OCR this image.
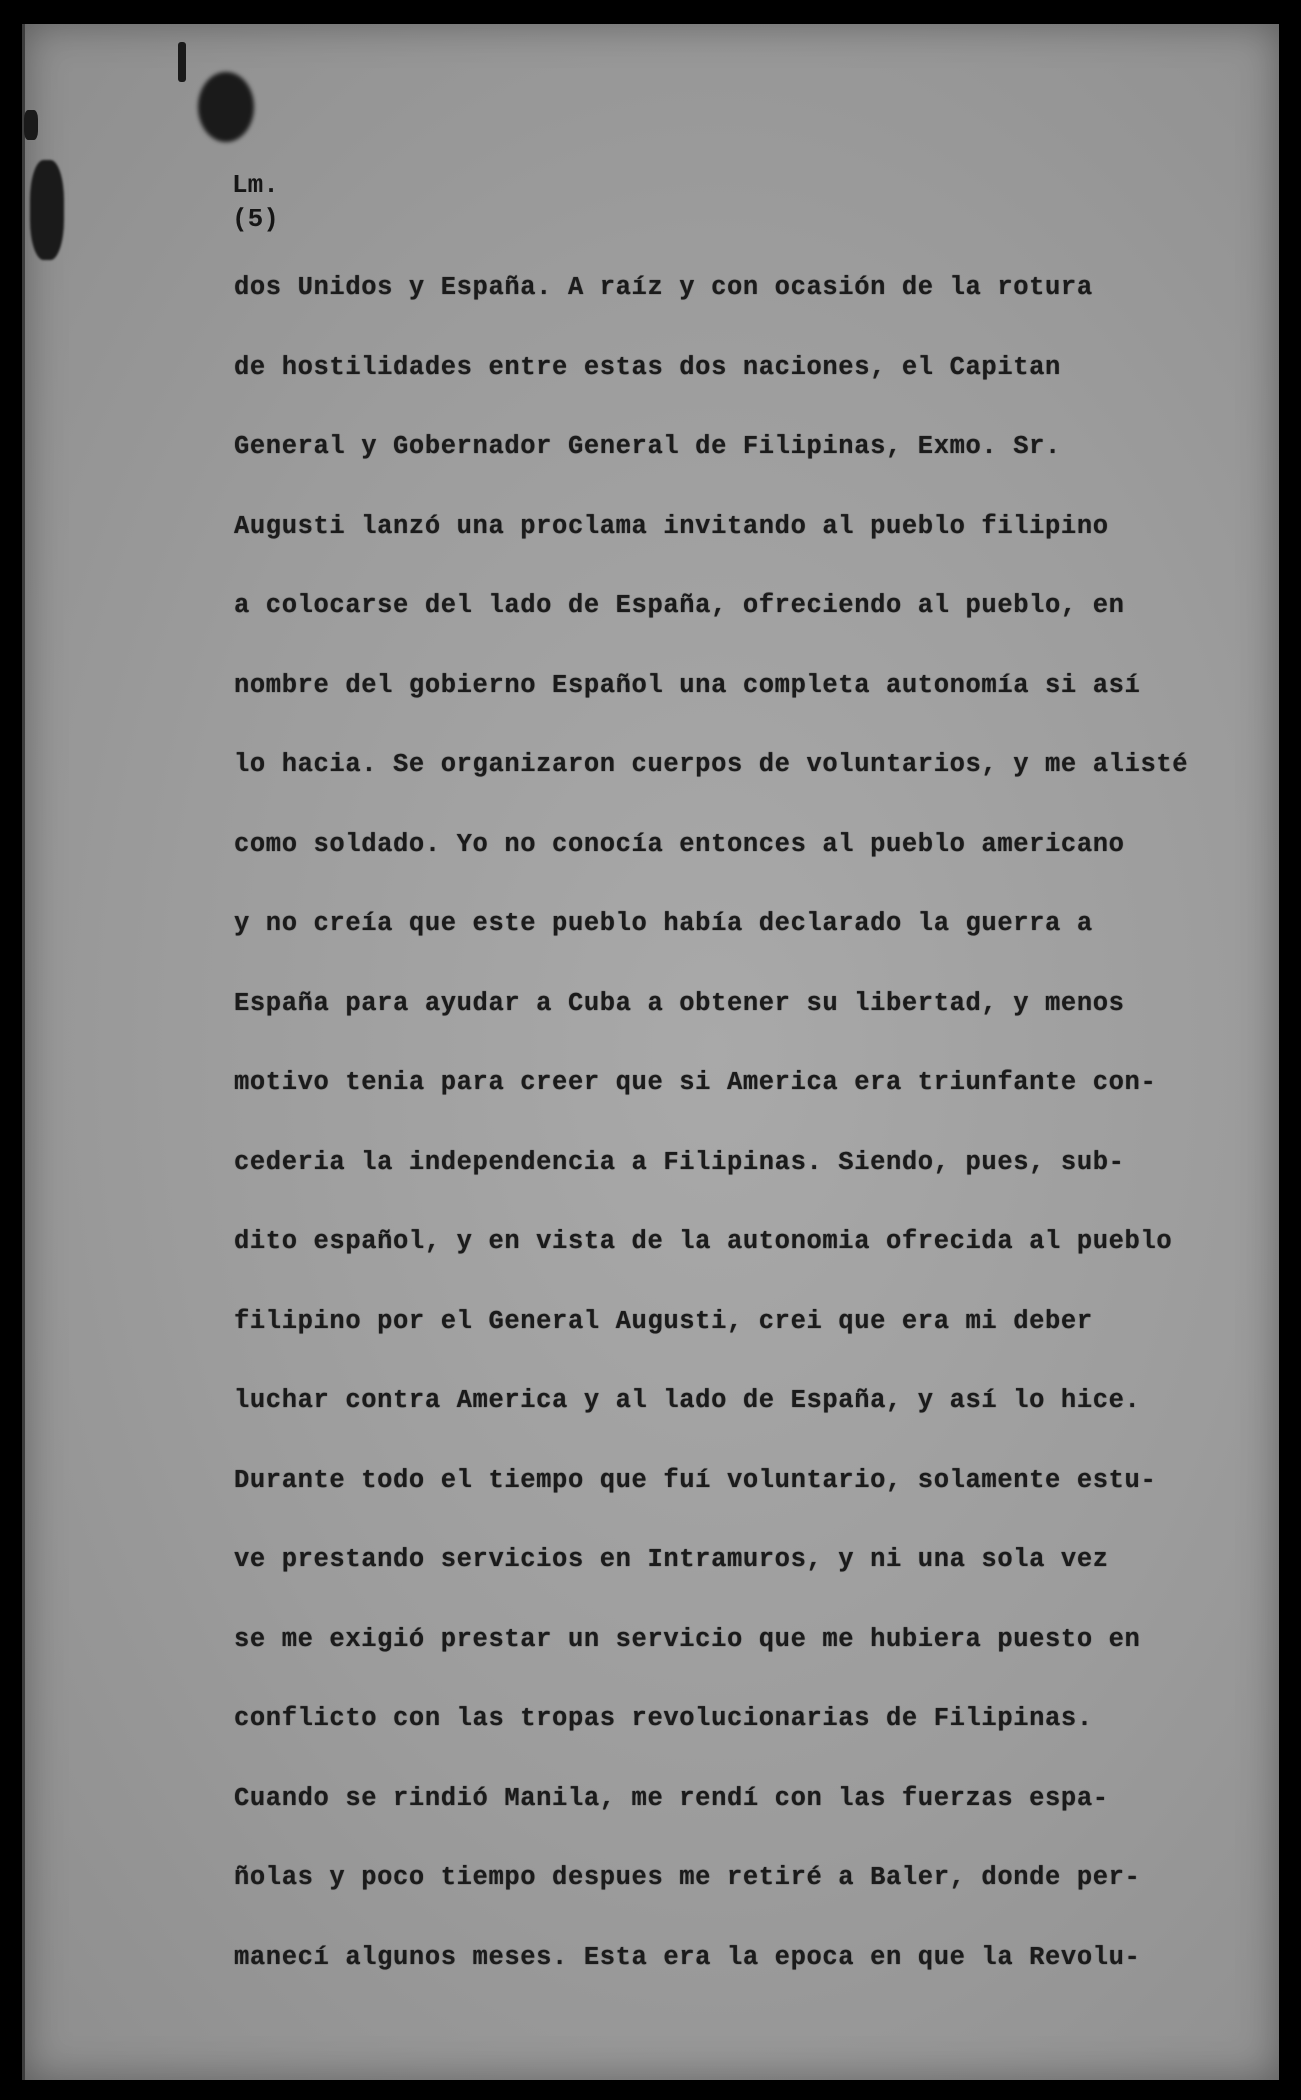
Lm.
(5)
dos Unidos y España. A raíz y con ocasión de la rotura
de hostilidades entre estas dos naciones, el Capitan
General y Gobernador General de Filipinas, Exmo. Sr.
Augusti lanzó una proclama invitando al pueblo filipino
a colocarse del lado de España, ofreciendo al pueblo, en
nombre del gobierno Español una completa autonomía si así
lo hacia. Se organizaron cuerpos de voluntarios, y me alisté
como soldado. Yo no conocía entonces al pueblo americano
y no creía que este pueblo había declarado la guerra a
España para ayudar a Cuba a obtener su libertad, y menos
motivo tenia para creer que si America era triunfante con-
cederia la independencia a Filipinas. Siendo, pues, sub-
dito español, y en vista de la autonomia ofrecida al pueblo
filipino por el General Augusti, crei que era mi deber
luchar contra America y al lado de España, y así lo hice.
Durante todo el tiempo que fuí voluntario, solamente estu-
ve prestando servicios en Intramuros, y ni una sola vez
se me exigió prestar un servicio que me hubiera puesto en
conflicto con las tropas revolucionarias de Filipinas.
Cuando se rindió Manila, me rendí con las fuerzas espa-
ñolas y poco tiempo despues me retiré a Baler, donde per-
manecí algunos meses. Esta era la epoca en que la Revolu-
